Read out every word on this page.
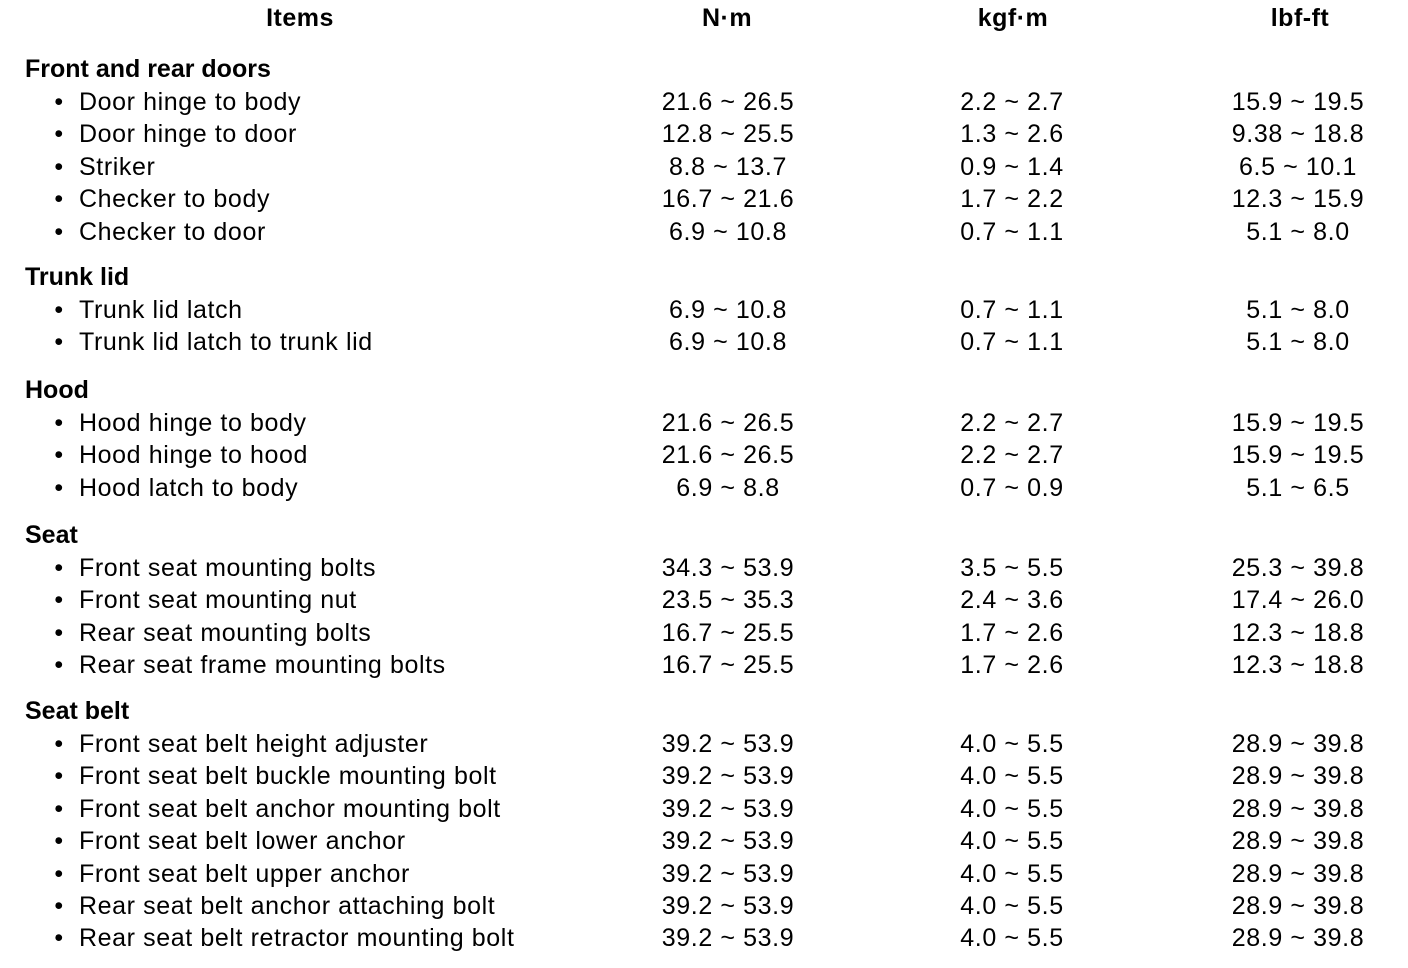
Items	N·m	kgf·m	lbf-ft
Front and rear doors
• Door hinge to body	21.6 ~ 26.5	2.2 ~ 2.7	15.9 ~ 19.5
• Door hinge to door	12.8 ~ 25.5	1.3 ~ 2.6	9.38 ~ 18.8
• Striker	8.8 ~ 13.7	0.9 ~ 1.4	6.5 ~ 10.1
• Checker to body	16.7 ~ 21.6	1.7 ~ 2.2	12.3 ~ 15.9
• Checker to door	6.9 ~ 10.8	0.7 ~ 1.1	5.1 ~ 8.0
Trunk lid
• Trunk lid latch	6.9 ~ 10.8	0.7 ~ 1.1	5.1 ~ 8.0
• Trunk lid latch to trunk lid	6.9 ~ 10.8	0.7 ~ 1.1	5.1 ~ 8.0
Hood
• Hood hinge to body	21.6 ~ 26.5	2.2 ~ 2.7	15.9 ~ 19.5
• Hood hinge to hood	21.6 ~ 26.5	2.2 ~ 2.7	15.9 ~ 19.5
• Hood latch to body	6.9 ~ 8.8	0.7 ~ 0.9	5.1 ~ 6.5
Seat
• Front seat mounting bolts	34.3 ~ 53.9	3.5 ~ 5.5	25.3 ~ 39.8
• Front seat mounting nut	23.5 ~ 35.3	2.4 ~ 3.6	17.4 ~ 26.0
• Rear seat mounting bolts	16.7 ~ 25.5	1.7 ~ 2.6	12.3 ~ 18.8
• Rear seat frame mounting bolts	16.7 ~ 25.5	1.7 ~ 2.6	12.3 ~ 18.8
Seat belt
• Front seat belt height adjuster	39.2 ~ 53.9	4.0 ~ 5.5	28.9 ~ 39.8
• Front seat belt buckle mounting bolt	39.2 ~ 53.9	4.0 ~ 5.5	28.9 ~ 39.8
• Front seat belt anchor mounting bolt	39.2 ~ 53.9	4.0 ~ 5.5	28.9 ~ 39.8
• Front seat belt lower anchor	39.2 ~ 53.9	4.0 ~ 5.5	28.9 ~ 39.8
• Front seat belt upper anchor	39.2 ~ 53.9	4.0 ~ 5.5	28.9 ~ 39.8
• Rear seat belt anchor attaching bolt	39.2 ~ 53.9	4.0 ~ 5.5	28.9 ~ 39.8
• Rear seat belt retractor mounting bolt	39.2 ~ 53.9	4.0 ~ 5.5	28.9 ~ 39.8
